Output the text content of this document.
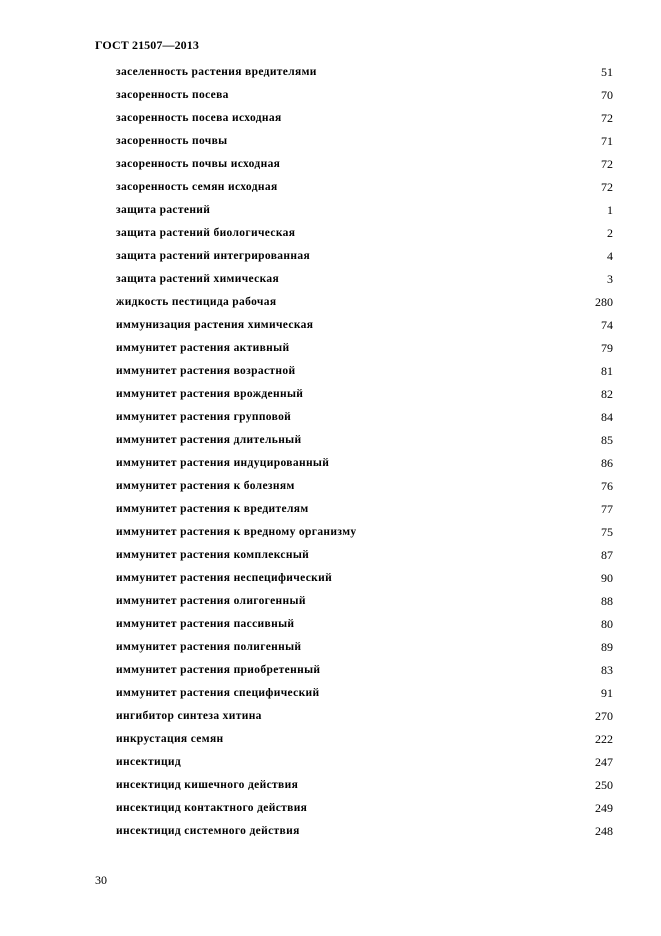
ГОСТ 21507—2013
заселенность растения вредителями	51
засоренность посева	70
засоренность посева исходная	72
засоренность почвы	71
засоренность почвы исходная	72
засоренность семян исходная	72
защита растений	1
защита растений биологическая	2
защита растений интегрированная	4
защита растений химическая	3
жидкость пестицида рабочая	280
иммунизация растения химическая	74
иммунитет растения активный	79
иммунитет растения возрастной	81
иммунитет растения врожденный	82
иммунитет растения групповой	84
иммунитет растения длительный	85
иммунитет растения индуцированный	86
иммунитет растения к болезням	76
иммунитет растения к вредителям	77
иммунитет растения к вредному организму	75
иммунитет растения комплексный	87
иммунитет растения неспецифический	90
иммунитет растения олигогенный	88
иммунитет растения пассивный	80
иммунитет растения полигенный	89
иммунитет растения приобретенный	83
иммунитет растения специфический	91
ингибитор синтеза хитина	270
инкрустация семян	222
инсектицид	247
инсектицид кишечного действия	250
инсектицид контактного действия	249
инсектицид системного действия	248
30
